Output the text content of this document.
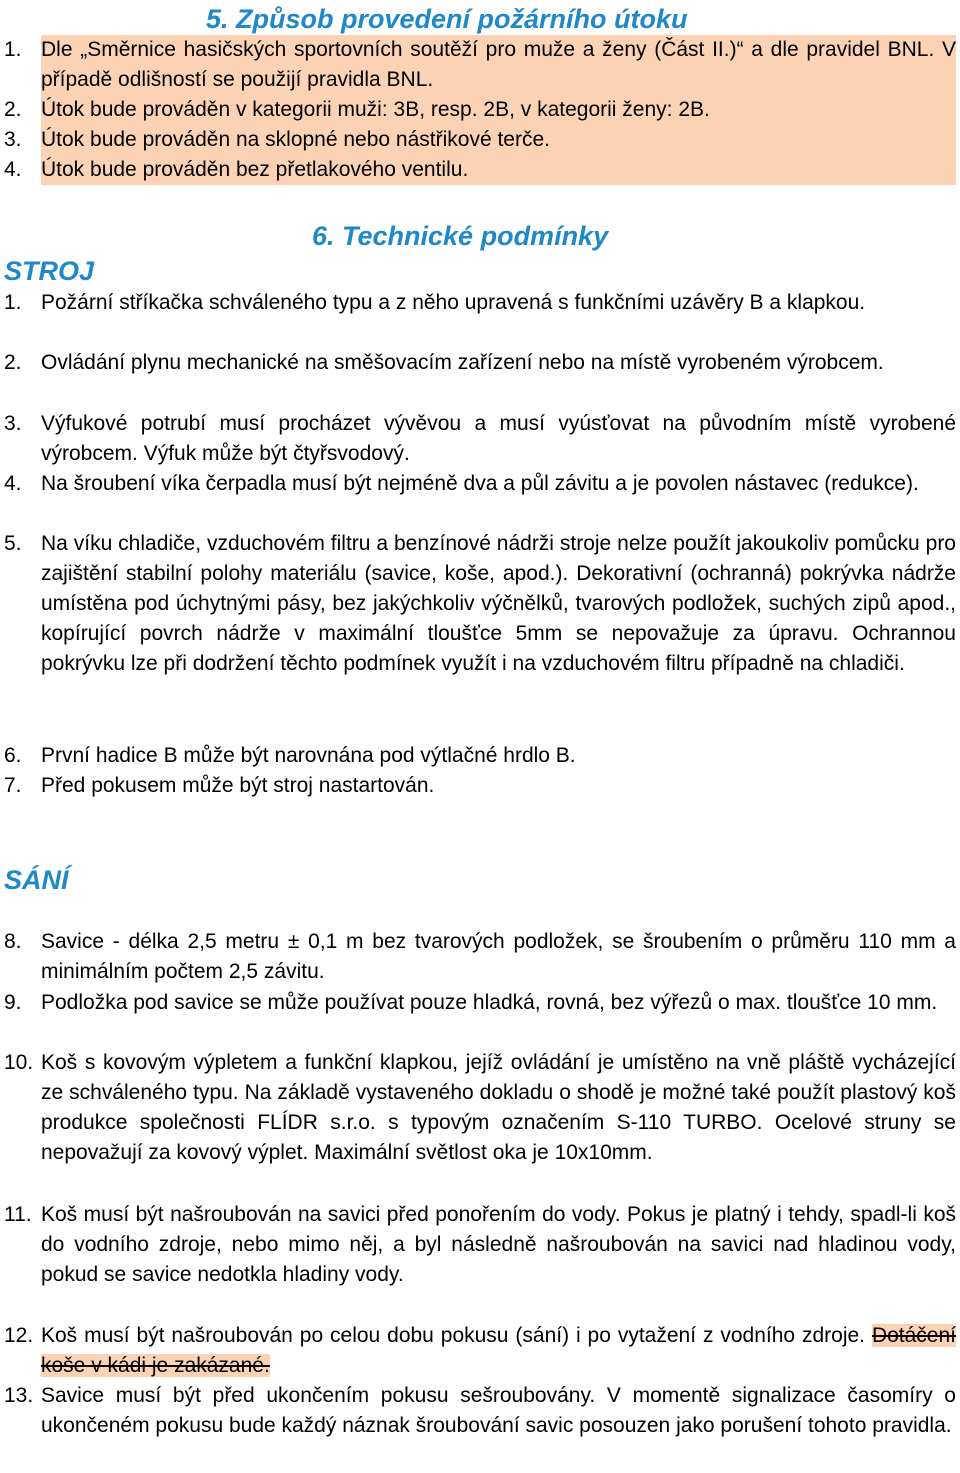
5. Způsob provedení požárního útoku
1. Dle „Směrnice hasičských sportovních soutěží pro muže a ženy (Část II.)“ a dle pravidel BNL. V případě odlišností se použijí pravidla BNL.
2. Útok bude prováděn v kategorii muži: 3B, resp. 2B, v kategorii ženy: 2B.
3. Útok bude prováděn na sklopné nebo nástřikové terče.
4. Útok bude prováděn bez přetlakového ventilu.
6. Technické podmínky
STROJ
1. Požární stříkačka schváleného typu a z něho upravená s funkčními uzávěry B a klapkou.
2. Ovládání plynu mechanické na směšovacím zařízení nebo na místě vyrobeném výrobcem.
3. Výfukové potrubí musí procházet vývěvou a musí vyúsťovat na původním místě vyrobené výrobcem. Výfuk může být čtyřsvodový.
4. Na šroubení víka čerpadla musí být nejméně dva a půl závitu a je povolen nástavec (redukce).
5. Na víku chladiče, vzduchovém filtru a benzínové nádrži stroje nelze použít jakoukoliv pomůcku pro zajištění stabilní polohy materiálu (savice, koše, apod.). Dekorativní (ochranná) pokrývka nádrže umístěna pod úchytnými pásy, bez jakýchkoliv výčnělků, tvarových podložek, suchých zipů apod., kopírující povrch nádrže v maximální tloušťce 5mm se nepovažuje za úpravu. Ochrannou pokrývku lze při dodržení těchto podmínek využít i na vzduchovém filtru případně na chladiči.
6. První hadice B může být narovnána pod výtlačné hrdlo B.
7. Před pokusem může být stroj nastartován.
SÁNÍ
8. Savice - délka 2,5 metru ± 0,1 m bez tvarových podložek, se šroubením o průměru 110 mm a minimálním počtem 2,5 závitu.
9. Podložka pod savice se může používat pouze hladká, rovná, bez výřezů o max. tloušťce 10 mm.
10. Koš s kovovým výpletem a funkční klapkou, jejíž ovládání je umístěno na vně pláště vycházející ze schváleného typu. Na základě vystaveného dokladu o shodě je možné také použít plastový koš produkce společnosti FLÍDR s.r.o. s typovým označením S-110 TURBO. Ocelové struny se nepovažují za kovový výplet. Maximální světlost oka je 10x10mm.
11. Koš musí být našroubován na savici před ponořením do vody. Pokus je platný i tehdy, spadl-li koš do vodního zdroje, nebo mimo něj, a byl následně našroubován na savici nad hladinou vody, pokud se savice nedotkla hladiny vody.
12. Koš musí být našroubován po celou dobu pokusu (sání) i po vytažení z vodního zdroje. Dotáčení koše v kádi je zakázané.
13. Savice musí být před ukončením pokusu sešroubovány. V momentě signalizace časomíry o ukončeném pokusu bude každý náznak šroubování savic posouzen jako porušení tohoto pravidla.
